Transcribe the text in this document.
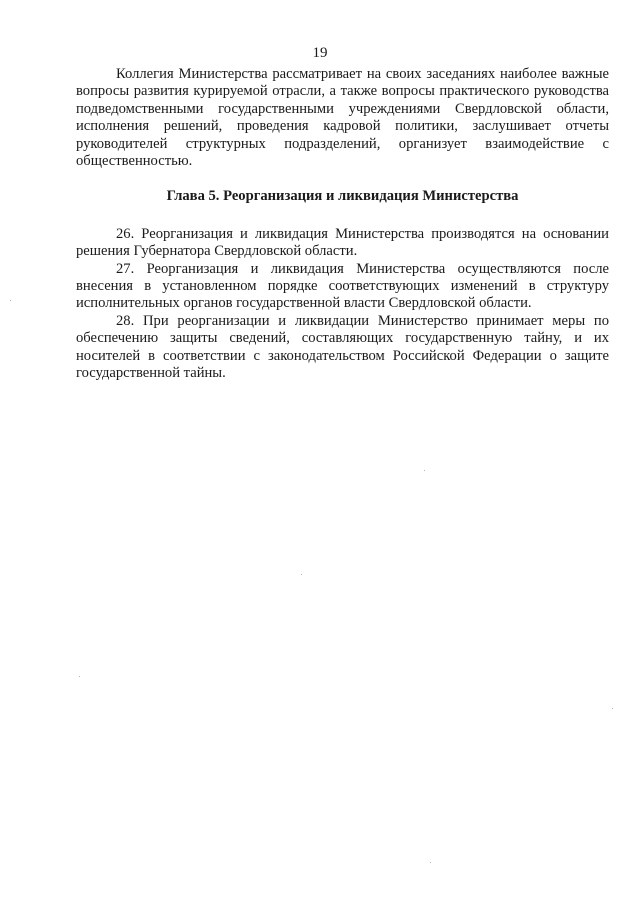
19

Коллегия Министерства рассматривает на своих заседаниях наиболее важные вопросы развития курируемой отрасли, а также вопросы практического руководства подведомственными государственными учреждениями Свердловской области, исполнения решений, проведения кадровой политики, заслушивает отчеты руководителей структурных подразделений, организует взаимодействие с общественностью.

Глава 5. Реорганизация и ликвидация Министерства

26. Реорганизация и ликвидация Министерства производятся на основании решения Губернатора Свердловской области.

27. Реорганизация и ликвидация Министерства осуществляются после внесения в установленном порядке соответствующих изменений в структуру исполнительных органов государственной власти Свердловской области.

28. При реорганизации и ликвидации Министерство принимает меры по обеспечению защиты сведений, составляющих государственную тайну, и их носителей в соответствии с законодательством Российской Федерации о защите государственной тайны.
